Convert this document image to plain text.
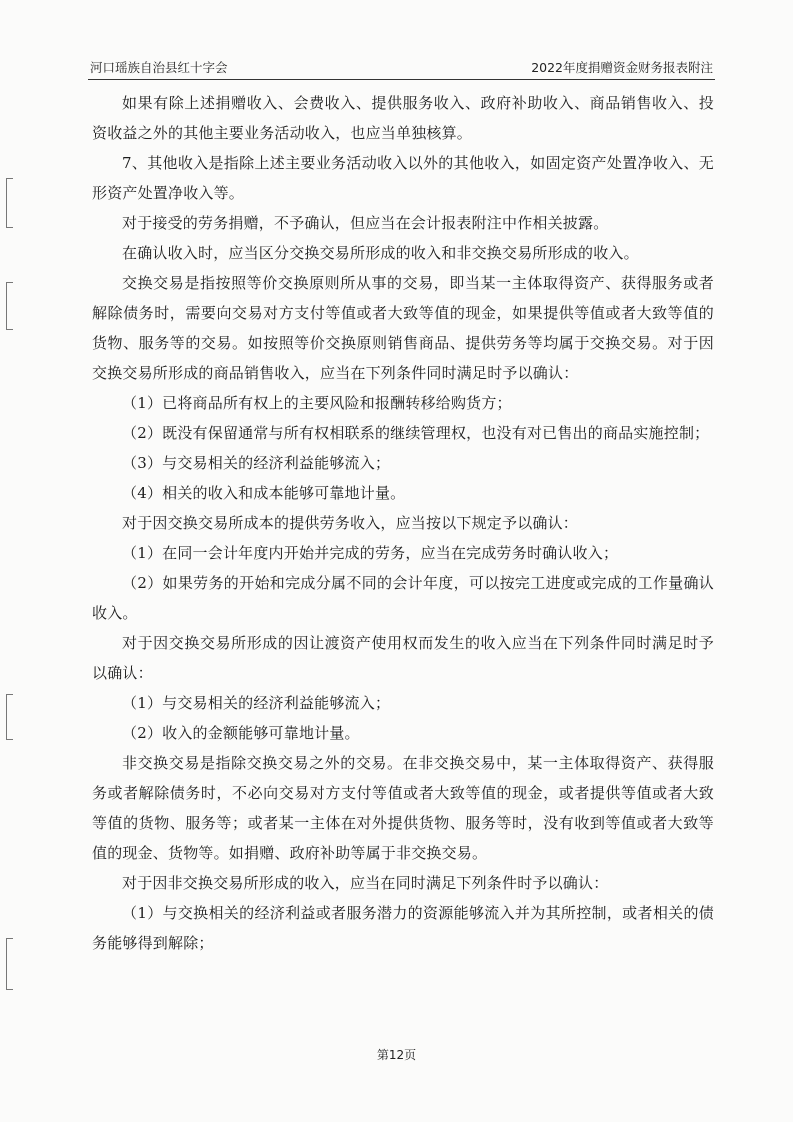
河口瑶族自治县红十字会	2022年度捐赠资金财务报表附注

如果有除上述捐赠收入、会费收入、提供服务收入、政府补助收入、商品销售收入、投资收益之外的其他主要业务活动收入，也应当单独核算。

7、其他收入是指除上述主要业务活动收入以外的其他收入，如固定资产处置净收入、无形资产处置净收入等。

对于接受的劳务捐赠，不予确认，但应当在会计报表附注中作相关披露。

在确认收入时，应当区分交换交易所形成的收入和非交换交易所形成的收入。

交换交易是指按照等价交换原则所从事的交易，即当某一主体取得资产、获得服务或者解除债务时，需要向交易对方支付等值或者大致等值的现金，如果提供等值或者大致等值的货物、服务等的交易。如按照等价交换原则销售商品、提供劳务等均属于交换交易。对于因交换交易所形成的商品销售收入，应当在下列条件同时满足时予以确认：

（1）已将商品所有权上的主要风险和报酬转移给购货方；

（2）既没有保留通常与所有权相联系的继续管理权，也没有对已售出的商品实施控制；

（3）与交易相关的经济利益能够流入；

（4）相关的收入和成本能够可靠地计量。

对于因交换交易所成本的提供劳务收入，应当按以下规定予以确认：

（1）在同一会计年度内开始并完成的劳务，应当在完成劳务时确认收入；

（2）如果劳务的开始和完成分属不同的会计年度，可以按完工进度或完成的工作量确认收入。

对于因交换交易所形成的因让渡资产使用权而发生的收入应当在下列条件同时满足时予以确认：

（1）与交易相关的经济利益能够流入；

（2）收入的金额能够可靠地计量。

非交换交易是指除交换交易之外的交易。在非交换交易中，某一主体取得资产、获得服务或者解除债务时，不必向交易对方支付等值或者大致等值的现金，或者提供等值或者大致等值的货物、服务等；或者某一主体在对外提供货物、服务等时，没有收到等值或者大致等值的现金、货物等。如捐赠、政府补助等属于非交换交易。

对于因非交换交易所形成的收入，应当在同时满足下列条件时予以确认：

（1）与交换相关的经济利益或者服务潜力的资源能够流入并为其所控制，或者相关的债务能够得到解除；

第12页
